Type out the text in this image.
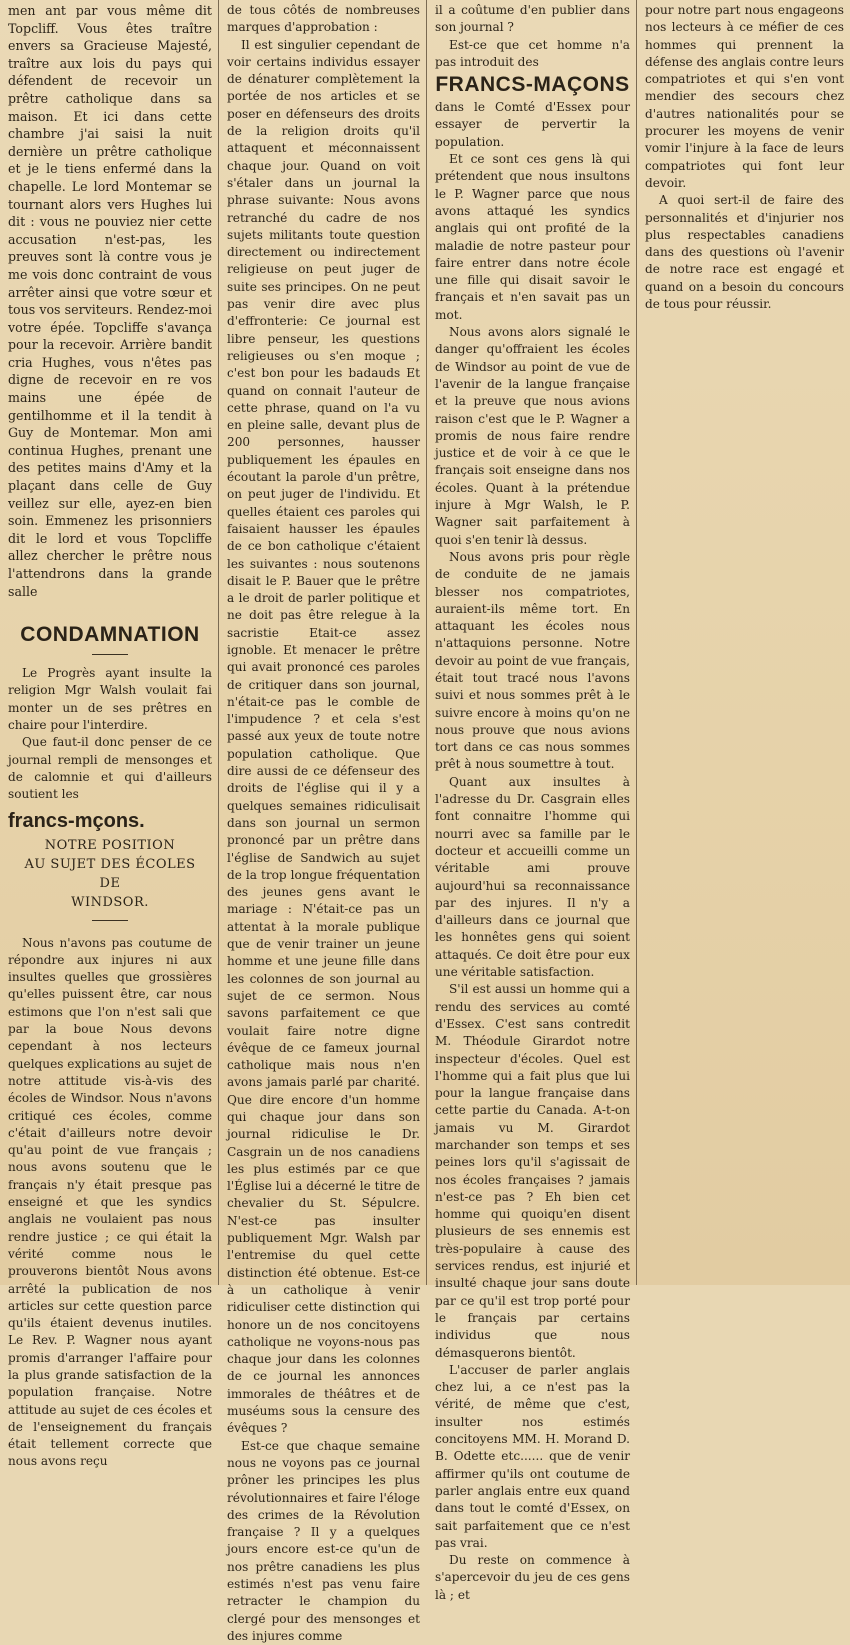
men ant par vous même dit Topcliff. Vous êtes traître envers sa Gracieuse Majesté, traître aux lois du pays qui défendent de recevoir un prêtre catholique dans sa maison. Et ici dans cette chambre j'ai saisi la nuit dernière un prêtre catholique et je le tiens enfermé dans la chapelle. Le lord Montemar se tournant alors vers Hughes lui dit : vous ne pouviez nier cette accusation n'est-pas, les preuves sont là contre vous je me vois donc contraint de vous arrêter ainsi que votre sœur et tous vos serviteurs. Rendez-moi votre épée. Topcliffe s'avança pour la recevoir. Arrière bandit cria Hughes, vous n'êtes pas digne de recevoir en re vos mains une épée de gentilhomme et il la tendit à Guy de Montemar. Mon ami continua Hughes, prenant une des petites mains d'Amy et la plaçant dans celle de Guy veillez sur elle, ayez-en bien soin. Emmenez les prisonniers dit le lord et vous Topcliffe allez chercher le prêtre nous l'attendrons dans la grande salle
CONDAMNATION

Le Progrès ayant insulte la religion Mgr Walsh voulait fai monter un de ses prêtres en chaire pour l'interdire.

Que faut-il donc penser de ce journal rempli de mensonges et de calomnie et qui d'ailleurs soutient les

francs-mçons.
NOTRE POSITION
AU SUJET DES ÉCOLES
DE
WINDSOR.

Nous n'avons pas coutume de répondre aux injures ni aux insultes quelles que grossières qu'elles puissent être, car nous estimons que l'on n'est sali que par la boue Nous devons cependant à nos lecteurs quelques explications au sujet de notre attitude vis-à-vis des écoles de Windsor. Nous n'avons critiqué ces écoles, comme c'était d'ailleurs notre devoir qu'au point de vue français ; nous avons soutenu que le français n'y était presque pas enseigné et que les syndics anglais ne voulaient pas nous rendre justice ; ce qui était la vérité comme nous le prouverons bientôt Nous avons arrêté la publication de nos articles sur cette question parce qu'ils étaient devenus inutiles. Le Rev. P. Wagner nous ayant promis d'arranger l'affaire pour la plus grande satisfaction de la population française. Notre attitude au sujet de ces écoles et de l'enseignement du français était tellement correcte que nous avons reçu

de tous côtés de nombreuses marques d'approbation :

Il est singulier cependant de voir certains individus essayer de dénaturer complètement la portée de nos articles et se poser en défenseurs des droits de la religion droits qu'il attaquent et méconnaissent chaque jour. Quand on voit s'étaler dans un journal la phrase suivante: Nous avons retranché du cadre de nos sujets militants toute question directement ou indirectement religieuse on peut juger de suite ses principes. On ne peut pas venir dire avec plus d'effronterie: Ce journal est libre penseur, les questions religieuses ou s'en moque ; c'est bon pour les badauds Et quand on connait l'auteur de cette phrase, quand on l'a vu en pleine salle, devant plus de 200 personnes, hausser publiquement les épaules en écoutant la parole d'un prêtre, on peut juger de l'individu. Et quelles étaient ces paroles qui faisaient hausser les épaules de ce bon catholique c'étaient les suivantes : nous soutenons disait le P. Bauer que le prêtre a le droit de parler politique et ne doit pas être relegue à la sacristie Etait-ce assez ignoble. Et menacer le prêtre qui avait prononcé ces paroles de critiquer dans son journal, n'était-ce pas le comble de l'impudence ? et cela s'est passé aux yeux de toute notre population catholique. Que dire aussi de ce défenseur des droits de l'église qui il y a quelques semaines ridiculisait dans son journal un sermon prononcé par un prêtre dans l'église de Sandwich au sujet de la trop longue fréquentation des jeunes gens avant le mariage : N'était-ce pas un attentat à la morale publique que de venir trainer un jeune homme et une jeune fille dans les colonnes de son journal au sujet de ce sermon. Nous savons parfaitement ce que voulait faire notre digne évêque de ce fameux journal catholique mais nous n'en avons jamais parlé par charité. Que dire encore d'un homme qui chaque jour dans son journal ridiculise le Dr. Casgrain un de nos canadiens les plus estimés par ce que l'Église lui a décerné le titre de chevalier du St. Sépulcre. N'est-ce pas insulter publiquement Mgr. Walsh par l'entremise du quel cette distinction été obtenue. Est-ce à un catholique à venir ridiculiser cette distinction qui honore un de nos concitoyens catholique ne voyons-nous pas chaque jour dans les colonnes de ce journal les annonces immorales de théâtres et de muséums sous la censure des évêques ?

Est-ce que chaque semaine nous ne voyons pas ce journal prôner les principes les plus révolutionnaires et faire l'éloge des crimes de la Révolution française ? Il y a quelques jours encore est-ce qu'un de nos prêtre canadiens les plus estimés n'est pas venu faire retracter le champion du clergé pour des mensonges et des injures comme

il a coûtume d'en publier dans son journal ?

Est-ce que cet homme n'a pas introduit des

FRANCS-MAÇONS
dans le Comté d'Essex pour essayer de pervertir la population.

Et ce sont ces gens là qui prétendent que nous insultons le P. Wagner parce que nous avons attaqué les syndics anglais qui ont profité de la maladie de notre pasteur pour faire entrer dans notre école une fille qui disait savoir le français et n'en savait pas un mot.

Nous avons alors signalé le danger qu'offraient les écoles de Windsor au point de vue de l'avenir de la langue française et la preuve que nous avions raison c'est que le P. Wagner a promis de nous faire rendre justice et de voir à ce que le français soit enseigne dans nos écoles. Quant à la prétendue injure à Mgr Walsh, le P. Wagner sait parfaitement à quoi s'en tenir là dessus.

Nous avons pris pour règle de conduite de ne jamais blesser nos compatriotes, auraient-ils même tort. En attaquant les écoles nous n'attaquions personne. Notre devoir au point de vue français, était tout tracé nous l'avons suivi et nous sommes prêt à le suivre encore à moins qu'on ne nous prouve que nous avions tort dans ce cas nous sommes prêt à nous soumettre à tout.

Quant aux insultes à l'adresse du Dr. Casgrain elles font connaitre l'homme qui nourri avec sa famille par le docteur et accueilli comme un véritable ami prouve aujourd'hui sa reconnaissance par des injures. Il n'y a d'ailleurs dans ce journal que les honnêtes gens qui soient attaqués. Ce doit être pour eux une véritable satisfaction.

S'il est aussi un homme qui a rendu des services au comté d'Essex. C'est sans contredit M. Théodule Girardot notre inspecteur d'écoles. Quel est l'homme qui a fait plus que lui pour la langue française dans cette partie du Canada. A-t-on jamais vu M. Girardot marchander son temps et ses peines lors qu'il s'agissait de nos écoles françaises ? jamais n'est-ce pas ? Eh bien cet homme qui quoiqu'en disent plusieurs de ses ennemis est très-populaire à cause des services rendus, est injurié et insulté chaque jour sans doute par ce qu'il est trop porté pour le français par certains individus que nous démasquerons bientôt.

L'accuser de parler anglais chez lui, a ce n'est pas la vérité, de même que c'est, insulter nos estimés concitoyens MM. H. Morand D. B. Odette etc...... que de venir affirmer qu'ils ont coutume de parler anglais entre eux quand dans tout le comté d'Essex, on sait parfaitement que ce n'est pas vrai.

Du reste on commence à s'apercevoir du jeu de ces gens là ; et

pour notre part nous engageons nos lecteurs à ce méfier de ces hommes qui prennent la défense des anglais contre leurs compatriotes et qui s'en vont mendier des secours chez d'autres nationalités pour se procurer les moyens de venir vomir l'injure à la face de leurs compatriotes qui font leur devoir.

A quoi sert-il de faire des personnalités et d'injurier nos plus respectables canadiens dans des questions où l'avenir de notre race est engagé et quand on a besoin du concours de tous pour réussir.
